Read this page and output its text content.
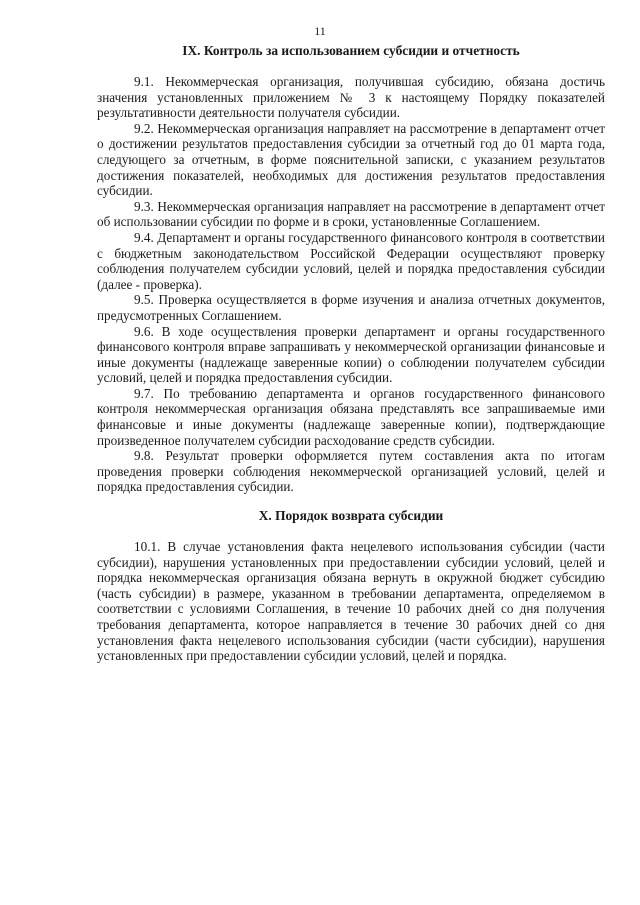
11
IX. Контроль за использованием субсидии и отчетность

9.1. Некоммерческая организация, получившая субсидию, обязана достичь значения установленных приложением № 3 к настоящему Порядку показателей результативности деятельности получателя субсидии.

9.2. Некоммерческая организация направляет на рассмотрение в департамент отчет о достижении результатов предоставления субсидии за отчетный год до 01 марта года, следующего за отчетным, в форме пояснительной записки, с указанием результатов достижения показателей, необходимых для достижения результатов предоставления субсидии.

9.3. Некоммерческая организация направляет на рассмотрение в департамент отчет об использовании субсидии по форме и в сроки, установленные Соглашением.

9.4. Департамент и органы государственного финансового контроля в соответствии с бюджетным законодательством Российской Федерации осуществляют проверку соблюдения получателем субсидии условий, целей и порядка предоставления субсидии (далее - проверка).

9.5. Проверка осуществляется в форме изучения и анализа отчетных документов, предусмотренных Соглашением.

9.6. В ходе осуществления проверки департамент и органы государственного финансового контроля вправе запрашивать у некоммерческой организации финансовые и иные документы (надлежаще заверенные копии) о соблюдении получателем субсидии условий, целей и порядка предоставления субсидии.

9.7. По требованию департамента и органов государственного финансового контроля некоммерческая организация обязана представлять все запрашиваемые ими финансовые и иные документы (надлежаще заверенные копии), подтверждающие произведенное получателем субсидии расходование средств субсидии.

9.8. Результат проверки оформляется путем составления акта по итогам проведения проверки соблюдения некоммерческой организацией условий, целей и порядка предоставления субсидии.

X. Порядок возврата субсидии

10.1. В случае установления факта нецелевого использования субсидии (части субсидии), нарушения установленных при предоставлении субсидии условий, целей и порядка некоммерческая организация обязана вернуть в окружной бюджет субсидию (часть субсидии) в размере, указанном в требовании департамента, определяемом в соответствии с условиями Соглашения, в течение 10 рабочих дней со дня получения требования департамента, которое направляется в течение 30 рабочих дней со дня установления факта нецелевого использования субсидии (части субсидии), нарушения установленных при предоставлении субсидии условий, целей и порядка.
